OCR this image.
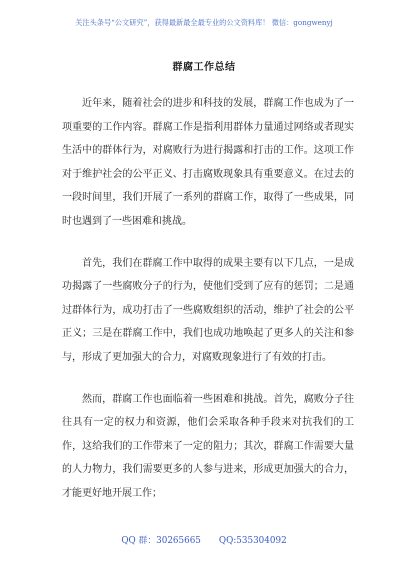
关注头条号“公文研究”，获得最新最全最专业的公文资料库！ 微信：gongwenyj
群腐工作总结

近年来，随着社会的进步和科技的发展，群腐工作也成为了一项重要的工作内容。群腐工作是指利用群体力量通过网络或者现实生活中的群体行为，对腐败行为进行揭露和打击的工作。这项工作对于维护社会的公平正义、打击腐败现象具有重要意义。在过去的一段时间里，我们开展了一系列的群腐工作，取得了一些成果，同时也遇到了一些困难和挑战。

首先，我们在群腐工作中取得的成果主要有以下几点，一是成功揭露了一些腐败分子的行为，使他们受到了应有的惩罚；二是通过群体行为，成功打击了一些腐败组织的活动，维护了社会的公平正义；三是在群腐工作中，我们也成功地唤起了更多人的关注和参与，形成了更加强大的合力，对腐败现象进行了有效的打击。

然而，群腐工作也面临着一些困难和挑战。首先，腐败分子往往具有一定的权力和资源，他们会采取各种手段来对抗我们的工作，这给我们的工作带来了一定的阻力；其次，群腐工作需要大量的人力物力，我们需要更多的人参与进来，形成更加强大的合力，才能更好地开展工作；

QQ 群：30265665 QQ:535304092
